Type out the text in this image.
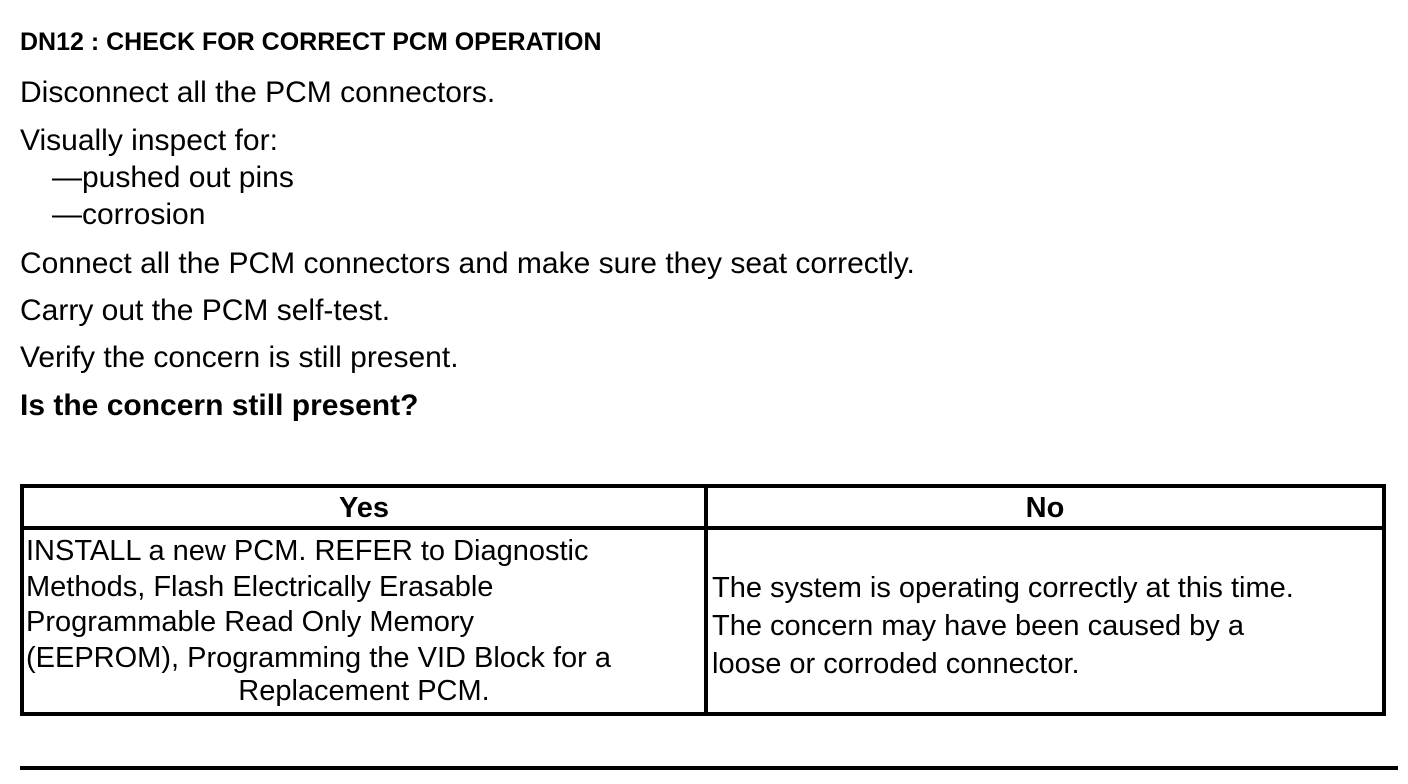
DN12 : CHECK FOR CORRECT PCM OPERATION
Disconnect all the PCM connectors.
Visually inspect for:
—pushed out pins
—corrosion
Connect all the PCM connectors and make sure they seat correctly.
Carry out the PCM self-test.
Verify the concern is still present.
Is the concern still present?
Yes	No
INSTALL a new PCM. REFER to Diagnostic
Methods, Flash Electrically Erasable
Programmable Read Only Memory
(EEPROM), Programming the VID Block for a
Replacement PCM.
The system is operating correctly at this time.
The concern may have been caused by a
loose or corroded connector.
